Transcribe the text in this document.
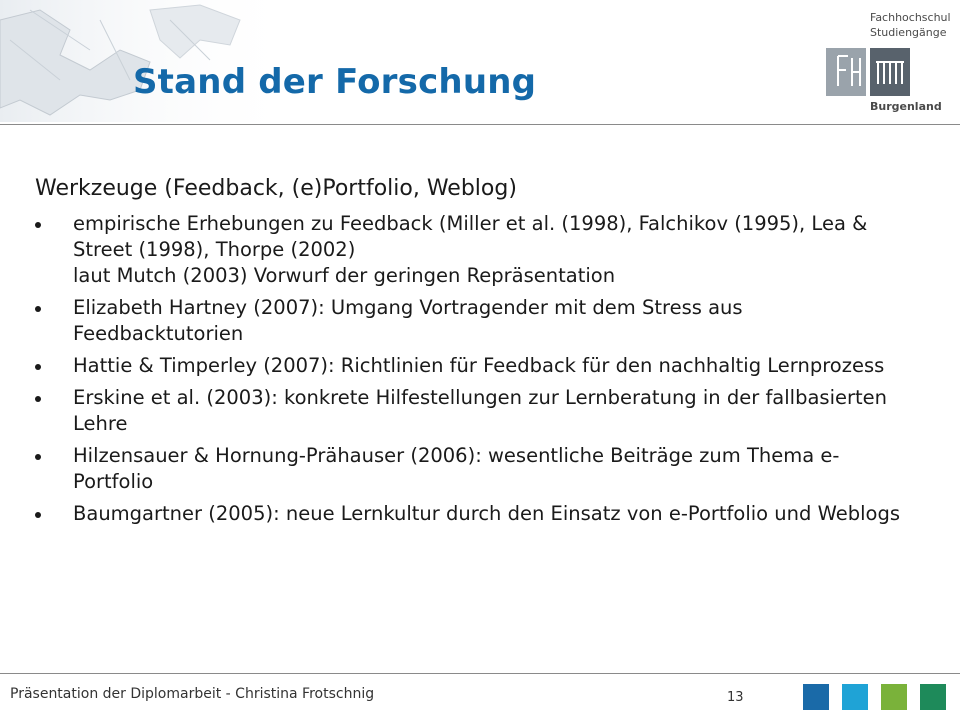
Stand der Forschung
Fachhochschul
Studiengänge
Burgenland
Werkzeuge (Feedback, (e)Portfolio, Weblog)
empirische Erhebungen zu Feedback (Miller et al. (1998), Falchikov (1995), Lea & Street (1998), Thorpe (2002)
laut Mutch (2003) Vorwurf der geringen Repräsentation
Elizabeth Hartney (2007): Umgang Vortragender mit dem Stress aus Feedbacktutorien
Hattie & Timperley (2007): Richtlinien für Feedback für den nachhaltig Lernprozess
Erskine et al. (2003): konkrete Hilfestellungen zur Lernberatung in der fallbasierten Lehre
Hilzensauer & Hornung-Prähauser (2006): wesentliche Beiträge zum Thema e-Portfolio
Baumgartner (2005): neue Lernkultur durch den Einsatz von e-Portfolio und Weblogs
Präsentation der Diplomarbeit - Christina Frotschnig	13
